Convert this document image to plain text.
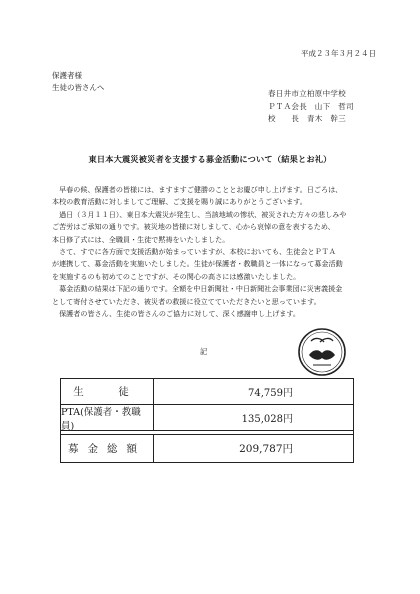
平成２３年３月２４日
保護者様
生徒の皆さんへ
春日井市立柏原中学校
ＰＴＡ会長　山下　哲司
校　　長　青木　幹三
東日本大震災被災者を支援する募金活動について（結果とお礼）

　早春の候、保護者の皆様には、ますますご健勝のこととお慶び申し上げます。日ごろは、

本校の教育活動に対しましてご理解、ご支援を賜り誠にありがとうございます。

　過日（３月１１日）、東日本大震災が発生し、当該地域の惨状、被災された方々の悲しみや

ご苦労はご承知の通りです。被災地の皆様に対しまして、心から哀悼の意を表するため、

本日修了式には、全職員・生徒で黙祷をいたしました。

　さて、すでに各方面で支援活動が始まっていますが、本校においても、生徒会とＰＴＡ

が連携して、募金活動を実施いたしました。生徒が保護者・教職員と一体になって募金活動

を実施するのも初めてのことですが、その関心の高さには感激いたしました。

　募金活動の結果は下記の通りです。全額を中日新聞社・中日新聞社会事業団に災害義援金

として寄付させていただき、被災者の救援に役立てていただきたいと思っています。

　保護者の皆さん、生徒の皆さんのご協力に対して、深く感謝申し上げます。

記
生　徒	74,759円
PTA(保護者・教職員)
135,028円
募金総額	209,787円
